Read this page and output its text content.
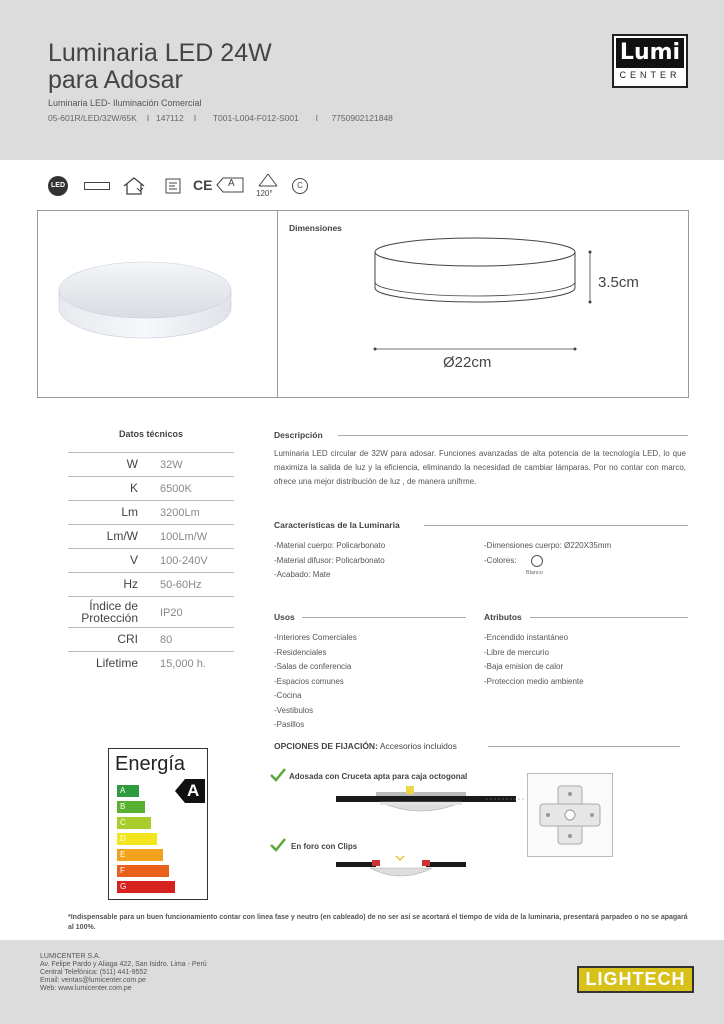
Luminaria LED 24W
para Adosar
Luminaria LED- Iluminación Comercial
05-601R/LED/32W/65K   I  147112   I     T001-L004-F012-S001     I    7750902121848
Lumi
CENTER
LED	CE A
120°
C
Dimensiones
3.5cm
Ø22cm
Datos técnicos
W 32W
K 6500K
Lm 3200Lm
Lm/W 100Lm/W
V 100-240V
Hz 50-60Hz
Índice de Protección IP20
CRI 80
Lifetime 15,000 h.
Descripción
Luminaria LED circular de 32W para adosar. Funciones avanzadas de alta potencia de la tecnología LED, lo que maximiza la salida de luz y la eficiencia, eliminando la necesidad de cambiar lámparas. Por no contar con marco, ofrece una mejor distribución de luz , de manera unifrme.
Características de la Luminaria
-Material cuerpo: Policarbonato
-Material difusor: Policarbonato
-Acabado: Mate
-Dimensiones cuerpo: Ø220X35mm
-Colores:
Blanco
Usos
-Interiores Comerciales
-Residenciales
-Salas de conferencia
-Espacios comunes
-Cocina
-Vestibulos
-Pasillos
Atributos
-Encendido instantáneo
-Libre de mercurio
-Baja emision de calor
-Proteccion medio ambiente
OPCIONES DE FIJACIÓN: Accesorios incluidos
Adosada con Cruceta apta para caja octogonal
En foro con Clips
Energía
A
A
B
C
D
E
F
G
*Indispensable para un buen funcionamiento contar con linea fase y neutro (en cableado) de no ser así se acortará el tiempo de vida de la luminaria, presentará parpadeo o no se apagará al 100%.
LUMICENTER S.A.
Av. Felipe Pardo y Aliaga 422, San Isidro. Lima - Perú
Central Telefónica: (511) 441-9552
Email: ventas@lumicenter.com.pe
Web: www.lumicenter.com.pe	LIGHTECH
